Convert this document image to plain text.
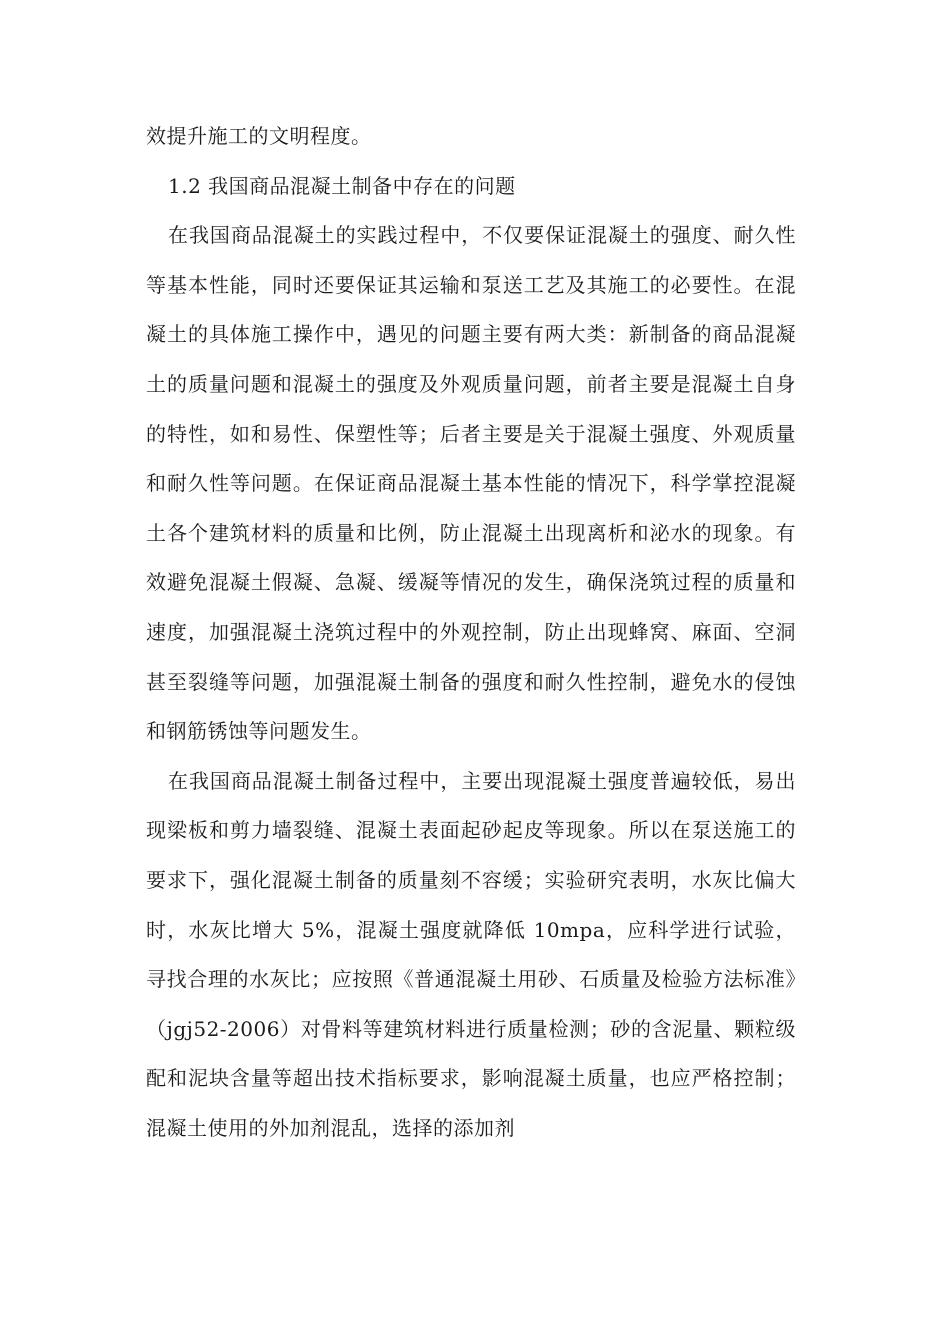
效提升施工的文明程度。

1.2 我国商品混凝土制备中存在的问题

在我国商品混凝土的实践过程中，不仅要保证混凝土的强度、耐久性等基本性能，同时还要保证其运输和泵送工艺及其施工的必要性。在混凝土的具体施工操作中，遇见的问题主要有两大类：新制备的商品混凝土的质量问题和混凝土的强度及外观质量问题，前者主要是混凝土自身的特性，如和易性、保塑性等；后者主要是关于混凝土强度、外观质量和耐久性等问题。在保证商品混凝土基本性能的情况下，科学掌控混凝土各个建筑材料的质量和比例，防止混凝土出现离析和泌水的现象。有效避免混凝土假凝、急凝、缓凝等情况的发生，确保浇筑过程的质量和速度，加强混凝土浇筑过程中的外观控制，防止出现蜂窝、麻面、空洞甚至裂缝等问题，加强混凝土制备的强度和耐久性控制，避免水的侵蚀和钢筋锈蚀等问题发生。

在我国商品混凝土制备过程中，主要出现混凝土强度普遍较低，易出现梁板和剪力墙裂缝、混凝土表面起砂起皮等现象。所以在泵送施工的要求下，强化混凝土制备的质量刻不容缓；实验研究表明，水灰比偏大时，水灰比增大 5%，混凝土强度就降低 10mpa，应科学进行试验，寻找合理的水灰比；应按照《普通混凝土用砂、石质量及检验方法标准》（jgj52-2006）对骨料等建筑材料进行质量检测；砂的含泥量、颗粒级配和泥块含量等超出技术指标要求，影响混凝土质量，也应严格控制；混凝土使用的外加剂混乱，选择的添加剂
